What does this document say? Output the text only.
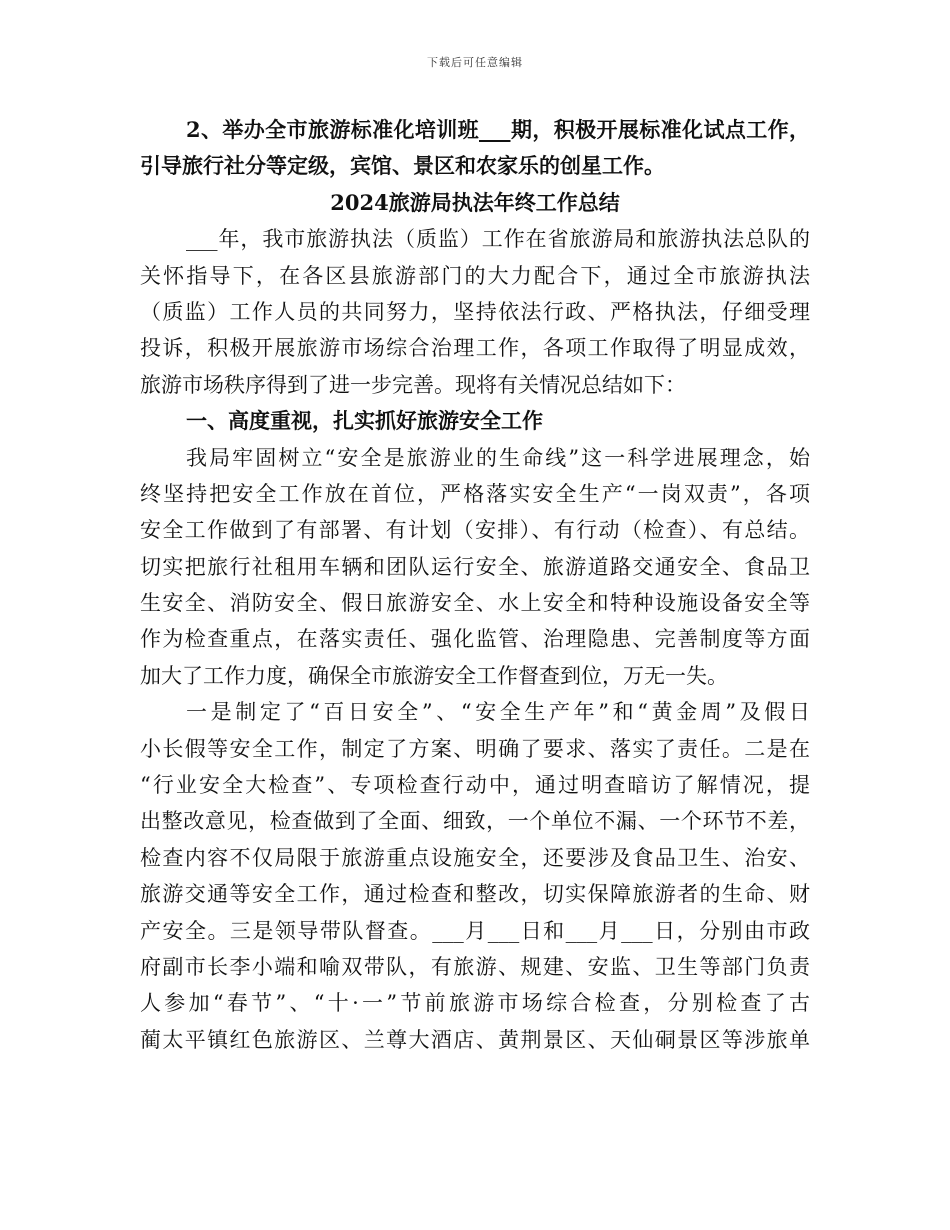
下载后可任意编辑
2、举办全市旅游标准化培训班___期，积极开展标准化试点工作，
引导旅行社分等定级，宾馆、景区和农家乐的创星工作。
2024旅游局执法年终工作总结
___年，我市旅游执法（质监）工作在省旅游局和旅游执法总队的
关怀指导下，在各区县旅游部门的大力配合下，通过全市旅游执法
（质监）工作人员的共同努力，坚持依法行政、严格执法，仔细受理
投诉，积极开展旅游市场综合治理工作，各项工作取得了明显成效，
旅游市场秩序得到了进一步完善。现将有关情况总结如下：
一、高度重视，扎实抓好旅游安全工作
我局牢固树立“安全是旅游业的生命线”这一科学进展理念，始
终坚持把安全工作放在首位，严格落实安全生产“一岗双责”，各项
安全工作做到了有部署、有计划（安排）、有行动（检查）、有总结。
切实把旅行社租用车辆和团队运行安全、旅游道路交通安全、食品卫
生安全、消防安全、假日旅游安全、水上安全和特种设施设备安全等
作为检查重点，在落实责任、强化监管、治理隐患、完善制度等方面
加大了工作力度，确保全市旅游安全工作督查到位，万无一失。
一是制定了“百日安全”、“安全生产年”和“黄金周”及假日
小长假等安全工作，制定了方案、明确了要求、落实了责任。二是在
“行业安全大检查”、专项检查行动中，通过明查暗访了解情况，提
出整改意见，检查做到了全面、细致，一个单位不漏、一个环节不差，
检查内容不仅局限于旅游重点设施安全，还要涉及食品卫生、治安、
旅游交通等安全工作，通过检查和整改，切实保障旅游者的生命、财
产安全。三是领导带队督查。___月___日和___月___日，分别由市政
府副市长李小端和喻双带队，有旅游、规建、安监、卫生等部门负责
人参加“春节”、“十·一”节前旅游市场综合检查，分别检查了古
蔺太平镇红色旅游区、兰尊大酒店、黄荆景区、天仙硐景区等涉旅单
